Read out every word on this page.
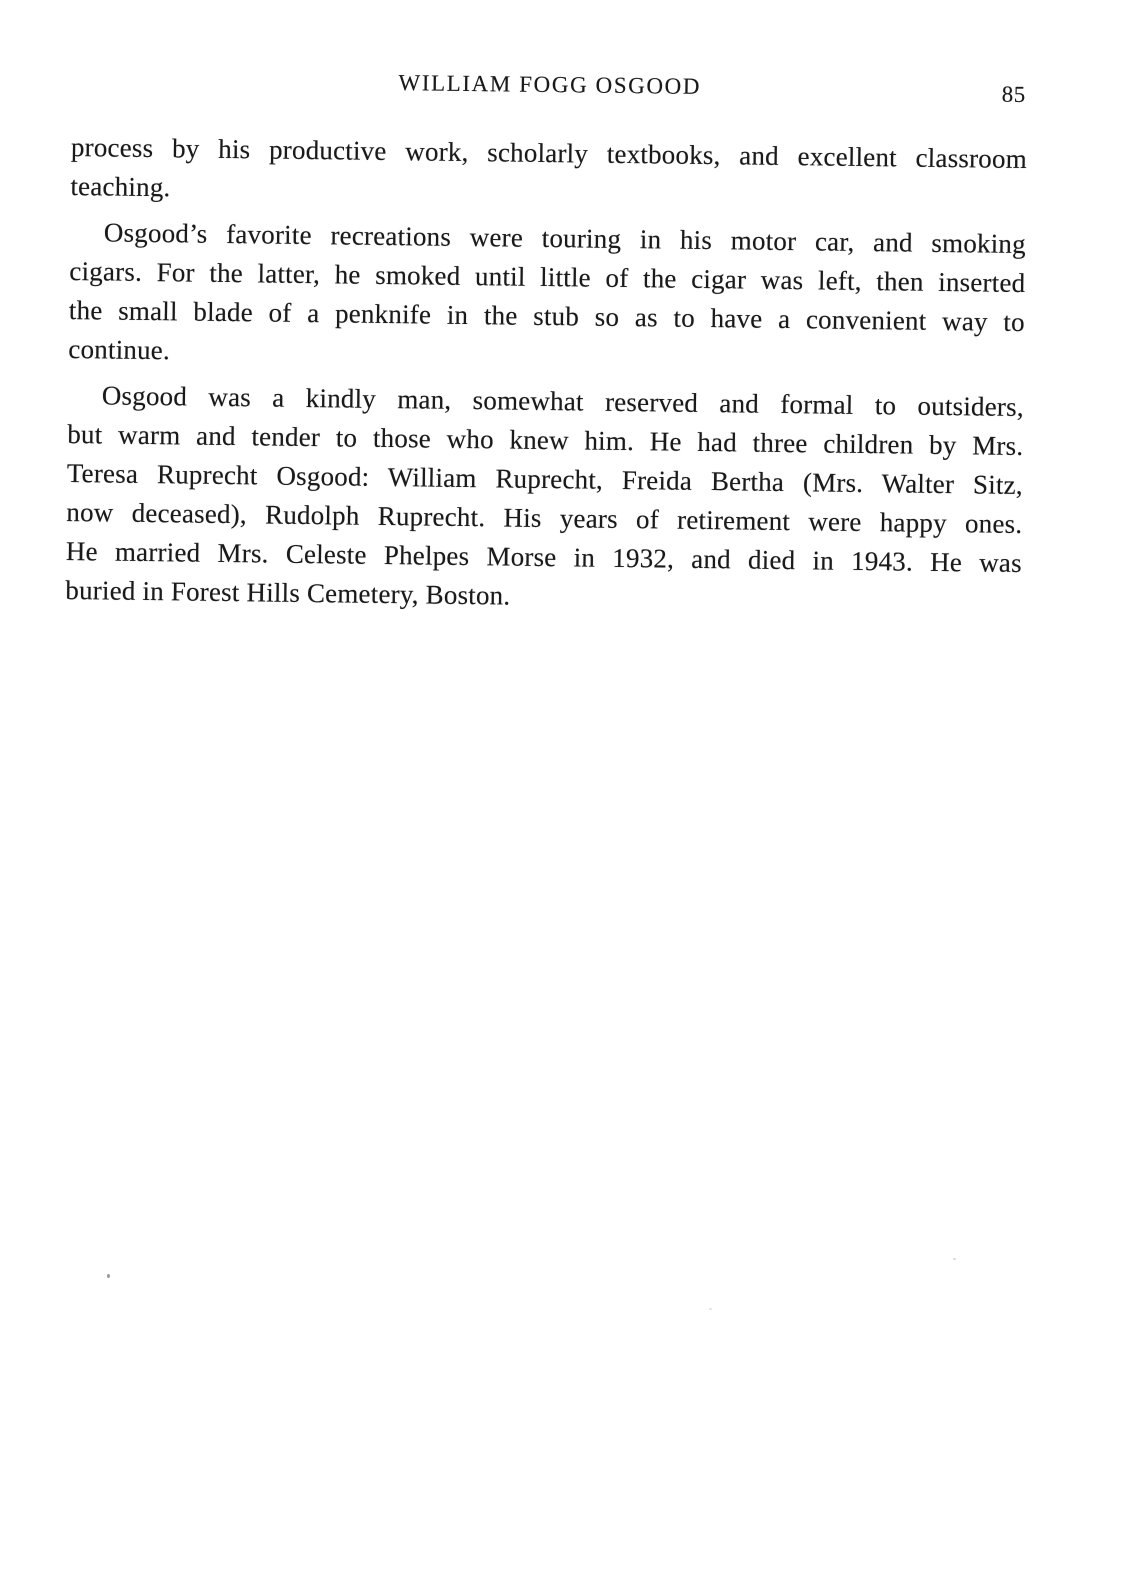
WILLIAM FOGG OSGOOD	85
process by his productive work, scholarly textbooks, and excellent classroom
teaching.
Osgood’s favorite recreations were touring in his motor car, and smoking
cigars. For the latter, he smoked until little of the cigar was left, then inserted
the small blade of a penknife in the stub so as to have a convenient way to
continue.
Osgood was a kindly man, somewhat reserved and formal to outsiders,
but warm and tender to those who knew him. He had three children by Mrs.
Teresa Ruprecht Osgood: William Ruprecht, Freida Bertha (Mrs. Walter Sitz,
now deceased), Rudolph Ruprecht. His years of retirement were happy ones.
He married Mrs. Celeste Phelpes Morse in 1932, and died in 1943. He was
buried in Forest Hills Cemetery, Boston.
